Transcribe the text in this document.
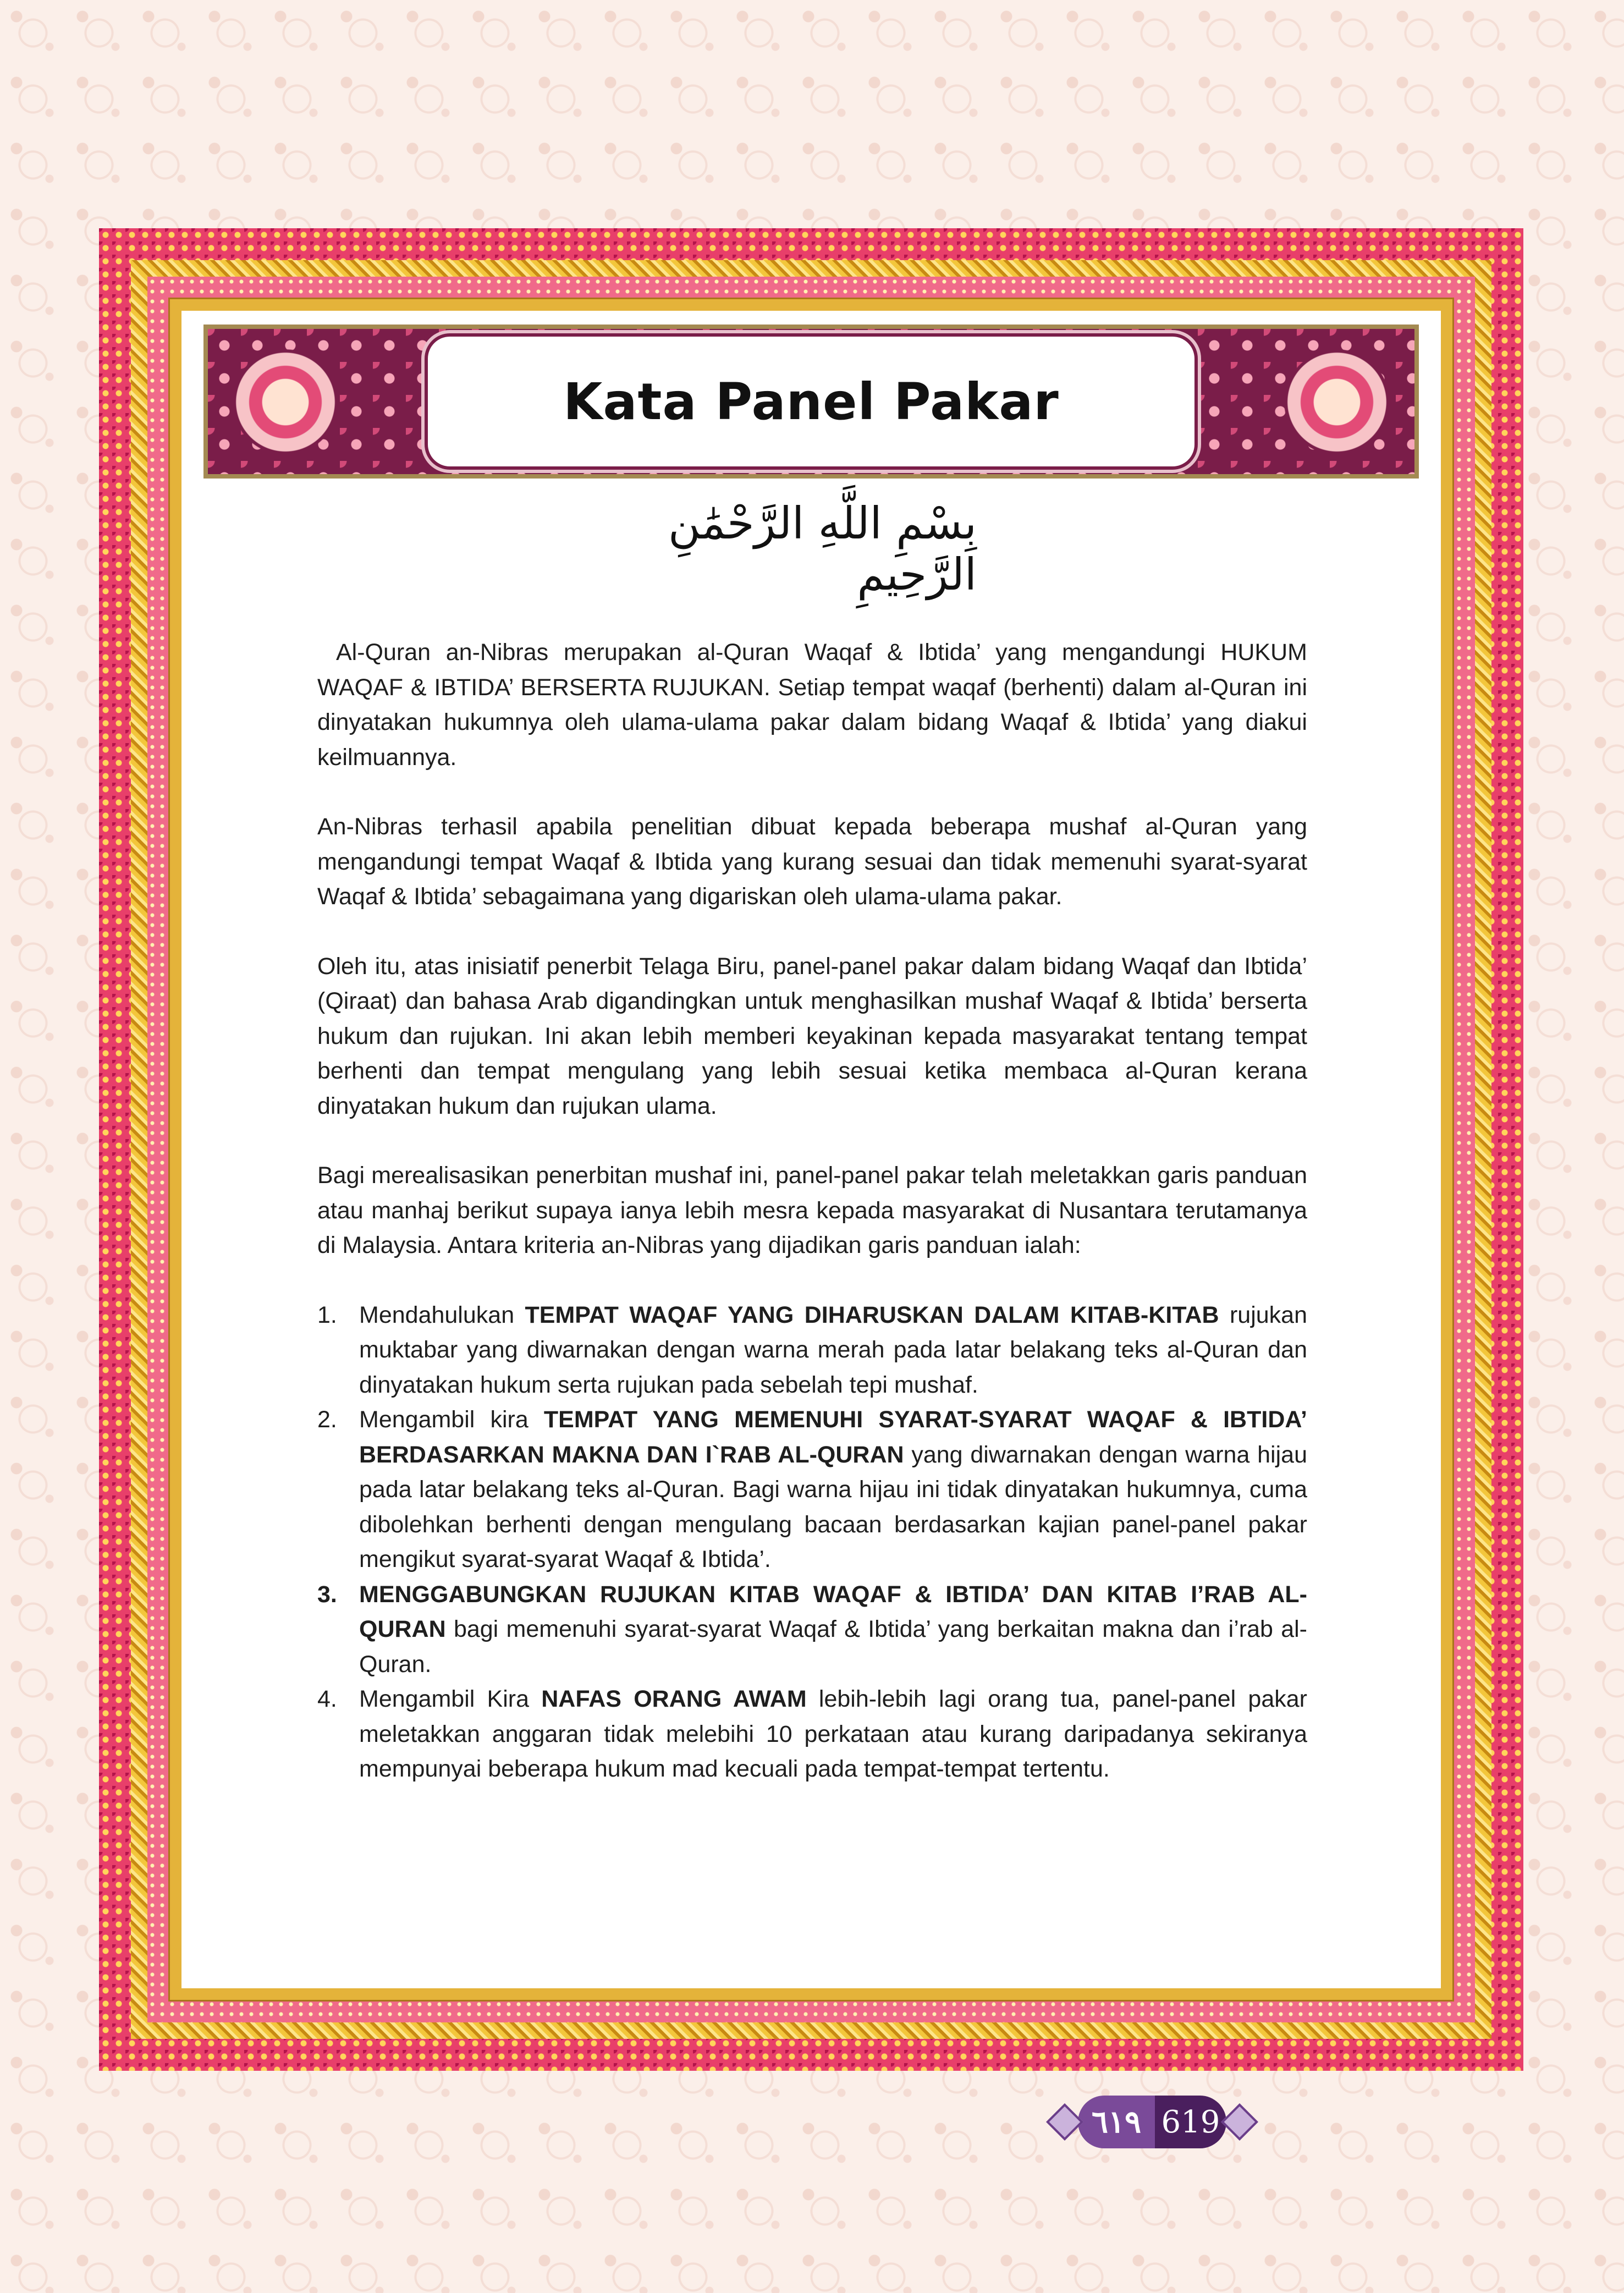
Kata Panel Pakar
بِسْمِ اللَّهِ الرَّحْمَٰنِ الرَّحِيمِ

Al-Quran an-Nibras merupakan al-Quran Waqaf & Ibtida’ yang mengandungi HUKUM WAQAF & IBTIDA’ BERSERTA RUJUKAN. Setiap tempat waqaf (berhenti) dalam al-Quran ini dinyatakan hukumnya oleh ulama-ulama pakar dalam bidang Waqaf & Ibtida’ yang diakui keilmuannya.

An-Nibras terhasil apabila penelitian dibuat kepada beberapa mushaf al-Quran yang mengandungi tempat Waqaf & Ibtida yang kurang sesuai dan tidak memenuhi syarat-syarat Waqaf & Ibtida’ sebagaimana yang digariskan oleh ulama-ulama pakar.

Oleh itu, atas inisiatif penerbit Telaga Biru, panel-panel pakar dalam bidang Waqaf dan Ibtida’ (Qiraat) dan bahasa Arab digandingkan untuk menghasilkan mushaf Waqaf & Ibtida’ berserta hukum dan rujukan. Ini akan lebih memberi keyakinan kepada masyarakat tentang tempat berhenti dan tempat mengulang yang lebih sesuai ketika membaca al-Quran kerana dinyatakan hukum dan rujukan ulama.

Bagi merealisasikan penerbitan mushaf ini, panel-panel pakar telah meletakkan garis panduan atau manhaj berikut supaya ianya lebih mesra kepada masyarakat di Nusantara terutamanya di Malaysia. Antara kriteria an-Nibras yang dijadikan garis panduan ialah:

1. Mendahulukan TEMPAT WAQAF YANG DIHARUSKAN DALAM KITAB-KITAB rujukan muktabar yang diwarnakan dengan warna merah pada latar belakang teks al-Quran dan dinyatakan hukum serta rujukan pada sebelah tepi mushaf.
2. Mengambil kira TEMPAT YANG MEMENUHI SYARAT-SYARAT WAQAF & IBTIDA’ BERDASARKAN MAKNA DAN I`RAB AL-QURAN yang diwarnakan dengan warna hijau pada latar belakang teks al-Quran. Bagi warna hijau ini tidak dinyatakan hukumnya, cuma dibolehkan berhenti dengan mengulang bacaan berdasarkan kajian panel-panel pakar mengikut syarat-syarat Waqaf & Ibtida’.
3. MENGGABUNGKAN RUJUKAN KITAB WAQAF & IBTIDA’ DAN KITAB I’RAB AL-QURAN bagi memenuhi syarat-syarat Waqaf & Ibtida’ yang berkaitan makna dan i’rab al-Quran.
4. Mengambil Kira NAFAS ORANG AWAM lebih-lebih lagi orang tua, panel-panel pakar meletakkan anggaran tidak melebihi 10 perkataan atau kurang daripadanya sekiranya mempunyai beberapa hukum mad kecuali pada tempat-tempat tertentu.
٦١٩ 619
